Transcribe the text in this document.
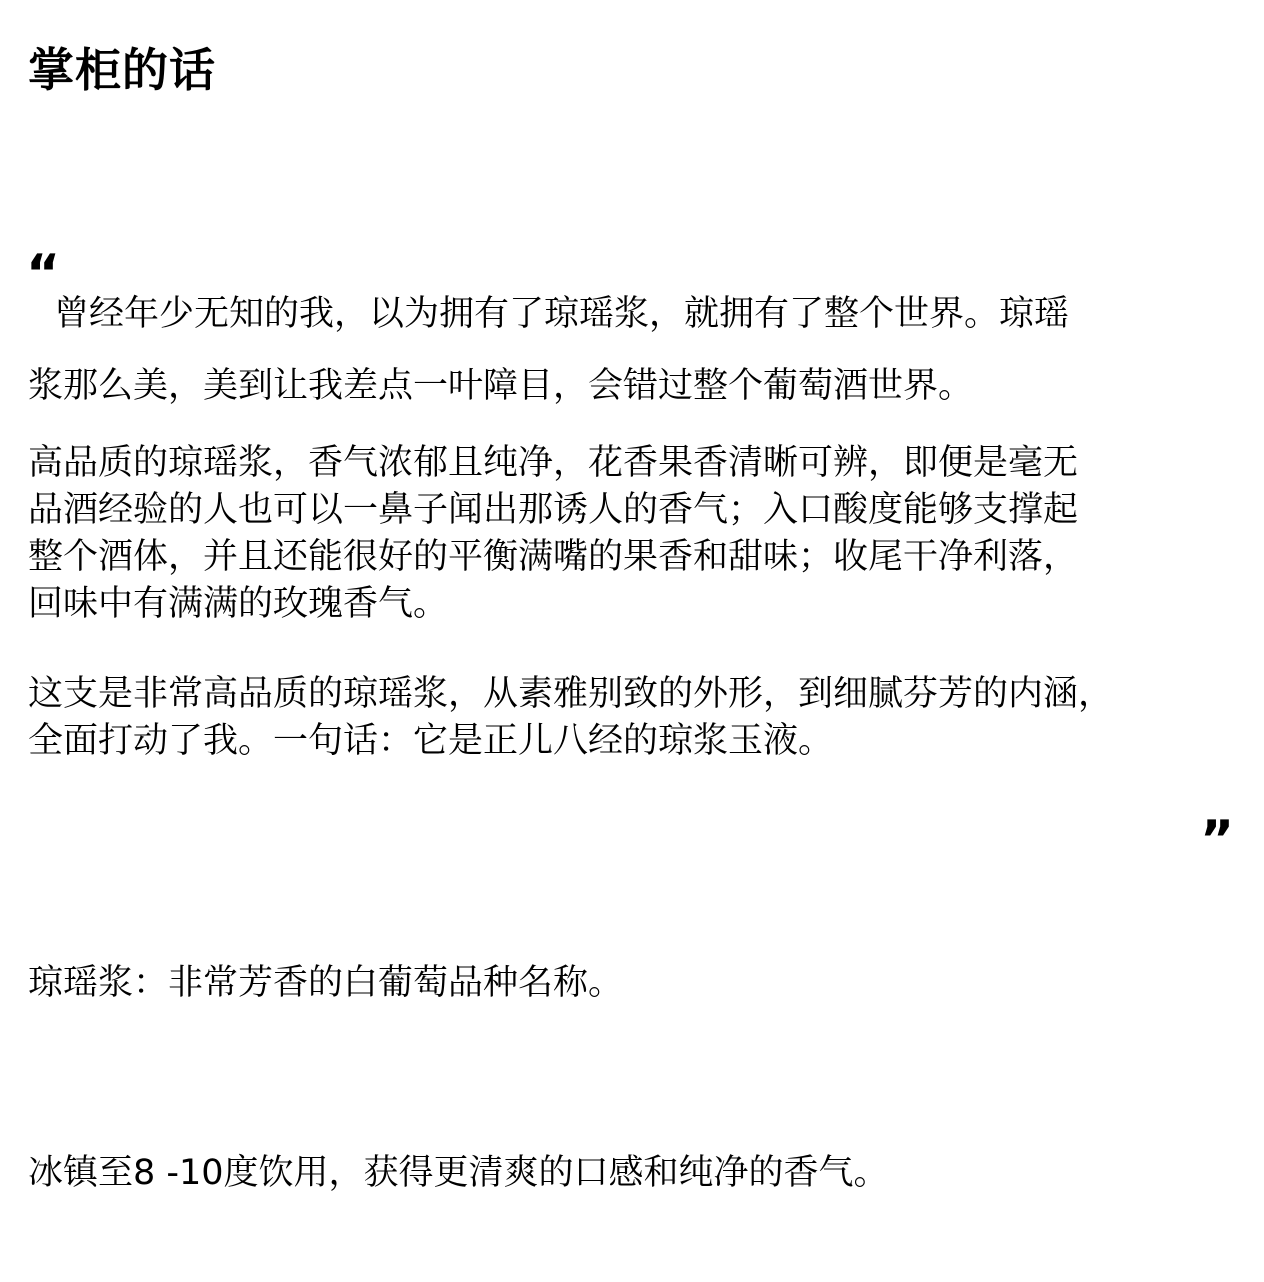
掌柜的话
“

曾经年少无知的我，以为拥有了琼瑶浆，就拥有了整个世界。琼瑶
浆那么美，美到让我差点一叶障目，会错过整个葡萄酒世界。

高品质的琼瑶浆，香气浓郁且纯净，花香果香清晰可辨，即便是毫无
品酒经验的人也可以一鼻子闻出那诱人的香气；入口酸度能够支撑起
整个酒体，并且还能很好的平衡满嘴的果香和甜味；收尾干净利落，
回味中有满满的玫瑰香气。

这支是非常高品质的琼瑶浆，从素雅别致的外形，到细腻芬芳的内涵，
全面打动了我。一句话：它是正儿八经的琼浆玉液。

”

琼瑶浆：非常芳香的白葡萄品种名称。

冰镇至8 -10度饮用，获得更清爽的口感和纯净的香气。
